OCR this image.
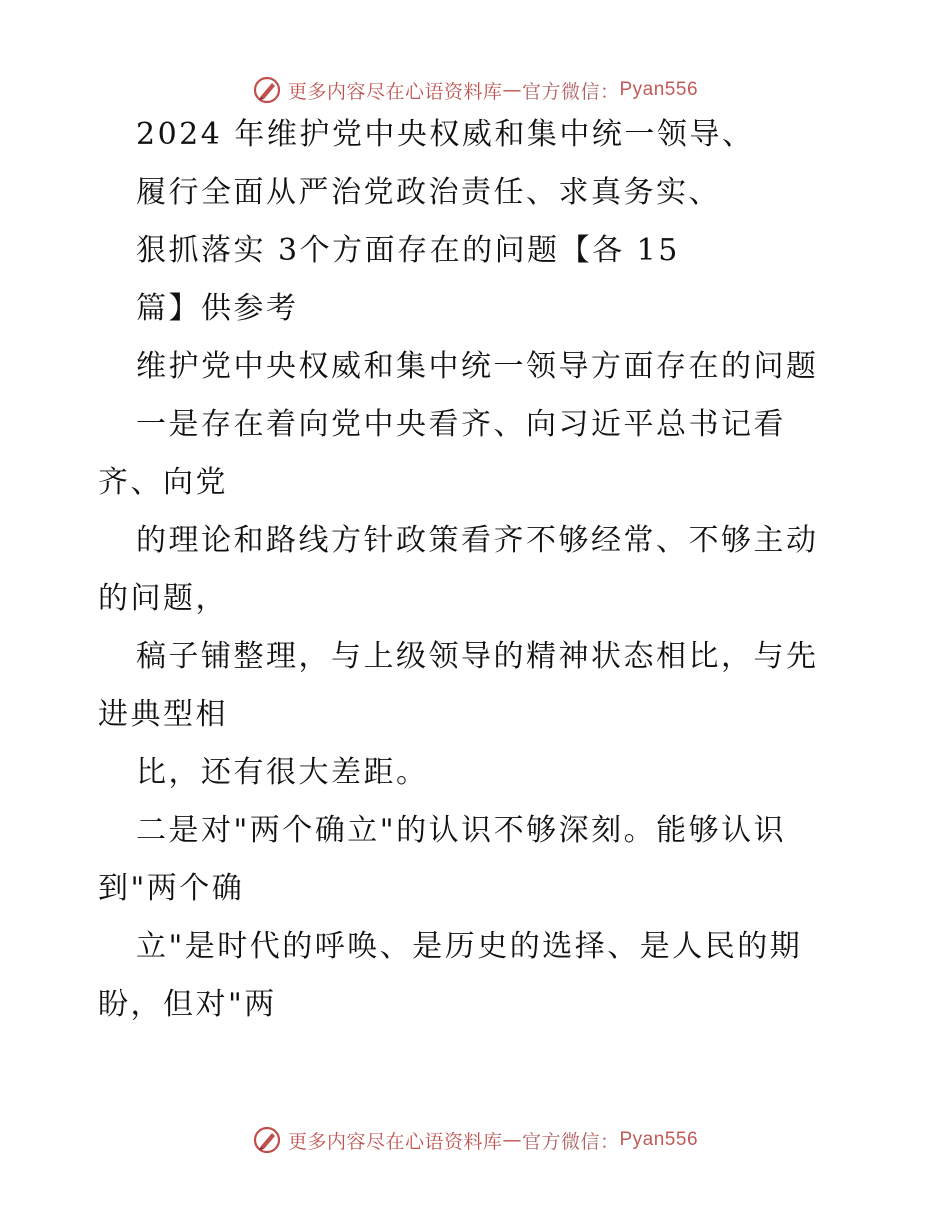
更多内容尽在心语资料库 — 官方微信： Pyan556
2024 年维护党中央权威和集中统一领导、
履行全面从严治党政治责任、求真务实、
狠抓落实 3个方面存在的问题【各 15
篇】供参考
维护党中央权威和集中统一领导方面存在的问题
一是存在着向党中央看齐、向习近平总书记看
齐、向党
的理论和路线方针政策看齐不够经常、不够主动
的问题，
稿子铺整理，与上级领导的精神状态相比，与先
进典型相
比，还有很大差距。
二是对"两个确立"的认识不够深刻。能够认识
到"两个确
立"是时代的呼唤、是历史的选择、是人民的期
盼，但对"两
更多内容尽在心语资料库 — 官方微信： Pyan556
